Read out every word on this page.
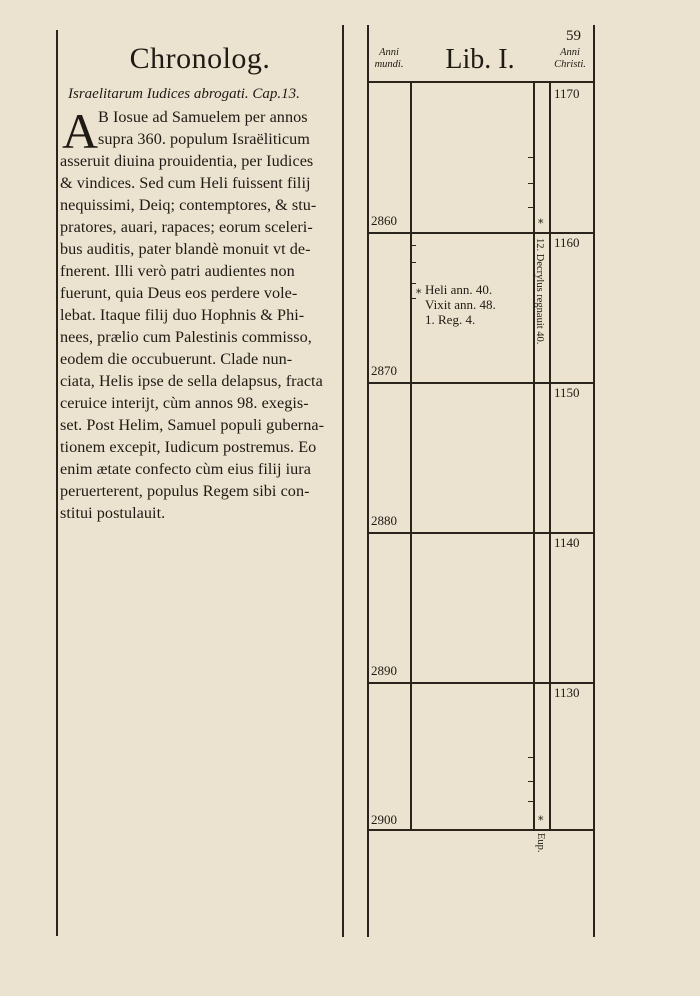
Chronolog.
Israelitarum Iudices abrogati. Cap.13.
A B Iosue ad Samuelem per annos
supra 360. populum Israëliticum
asseruit diuina prouidentia, per Iudices
& vindices. Sed cum Heli fuissent filij
nequissimi, Deiq; contemptores, & stu-
pratores, auari, rapaces; eorum sceleri-
bus auditis, pater blandè monuit vt de-
fnerent. Illi verò patri audientes non
fuerunt, quia Deus eos perdere vole-
lebat. Itaque filij duo Hophnis & Phi-
nees, prælio cum Palestinis commisso,
eodem die occubuerunt. Clade nun-
ciata, Helis ipse de sella delapsus, fracta
ceruice interijt, cùm annos 98. exegis-
set. Post Helim, Samuel populi guberna-
tionem excepit, Iudicum postremus. Eo
enim ætate confecto cùm eius filij iura
peruerterent, populus Regem sibi con-
stitui postulauit.
Anni
mundi.	Lib. I.
59
Anni
Christi.
2860
2870
2880
2890
2900
1170
1160
1150
1140
1130
* Heli ann. 40.
Vixit ann. 48.
1. Reg. 4.
*
12. Decrylus regnauit 40.
*
Eup.
